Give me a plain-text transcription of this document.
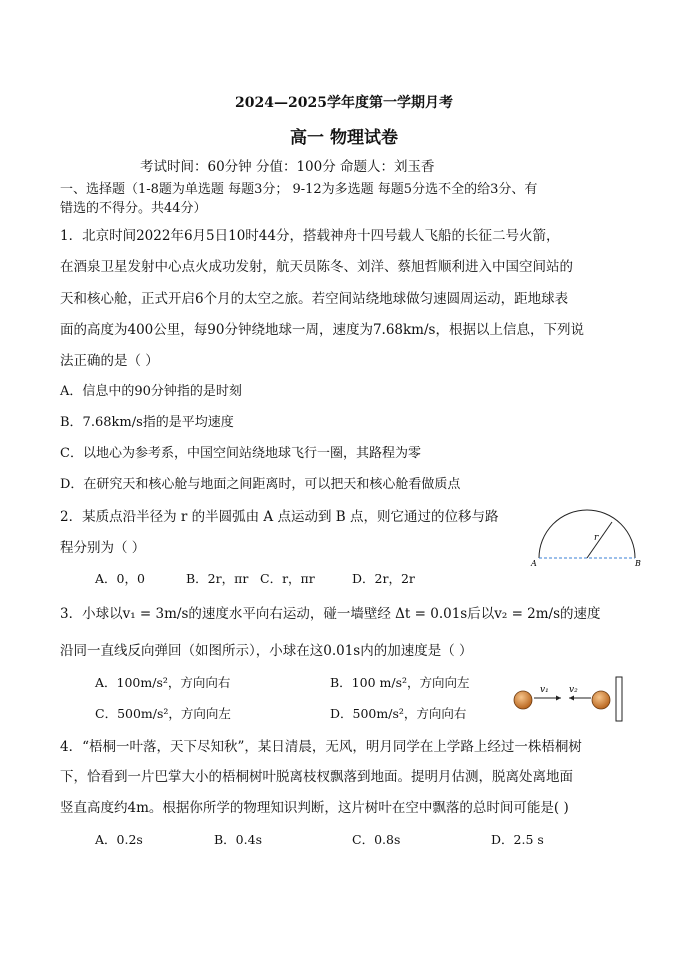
2024—2025学年度第一学期月考
高一 物理试卷
考试时间：60分钟 分值：100分 命题人：刘玉香
一、选择题（1-8题为单选题 每题3分； 9-12为多选题 每题5分选不全的给3分、有
错选的不得分。共44分）
1．北京时间2022年6月5日10时44分，搭载神舟十四号载人飞船的长征二号火箭，
在酒泉卫星发射中心点火成功发射，航天员陈冬、刘洋、蔡旭哲顺利进入中国空间站的
天和核心舱，正式开启6个月的太空之旅。若空间站绕地球做匀速圆周运动，距地球表
面的高度为400公里，每90分钟绕地球一周，速度为7.68km/s，根据以上信息，下列说
法正确的是（ ）
A．信息中的90分钟指的是时刻
B．7.68km/s指的是平均速度
C．以地心为参考系，中国空间站绕地球飞行一圈，其路程为零
D．在研究天和核心舱与地面之间距离时，可以把天和核心舱看做质点
2．某质点沿半径为 r 的半圆弧由 A 点运动到 B 点，则它通过的位移与路
程分别为（ ）
A．0，0	B．2r，πr C．r，πr	D．2r，2r
r
A	B
3．小球以v₁ = 3m/s的速度水平向右运动，碰一墙壁经 Δt = 0.01s后以v₂ = 2m/s的速度
沿同一直线反向弹回（如图所示），小球在这0.01s内的加速度是（ ）
A．100m/s²，方向向右	B．100 m/s²，方向向左
C．500m/s²，方向向左	D．500m/s²，方向向右
v₁ v₂
4．“梧桐一叶落，天下尽知秋”，某日清晨，无风，明月同学在上学路上经过一株梧桐树
下，恰看到一片巴掌大小的梧桐树叶脱离枝杈飘落到地面。提明月估测，脱离处离地面
竖直高度约4m。根据你所学的物理知识判断，这片树叶在空中飘落的总时间可能是( )
A．0.2s	B．0.4s	C．0.8s	D．2.5 s
